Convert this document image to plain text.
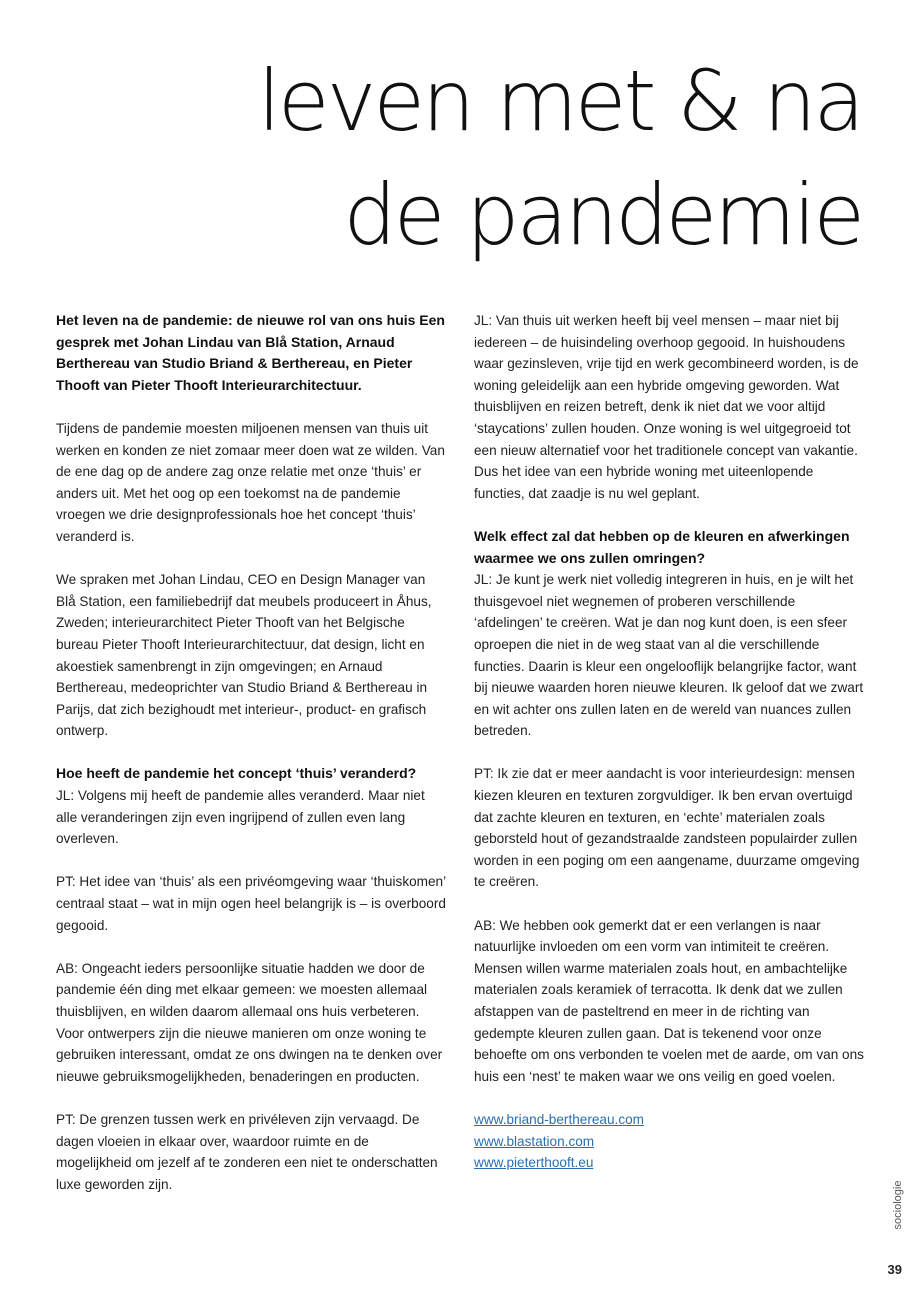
leven met & na
de pandemie

Het leven na de pandemie: de nieuwe rol van ons huis Een gesprek met Johan Lindau van Blå Station, Arnaud Berthereau van Studio Briand & Berthereau, en Pieter Thooft van Pieter Thooft Interieurarchitectuur.

Tijdens de pandemie moesten miljoenen mensen van thuis uit werken en konden ze niet zomaar meer doen wat ze wilden. Van de ene dag op de andere zag onze relatie met onze ‘thuis’ er anders uit. Met het oog op een toekomst na de pandemie vroegen we drie designprofessionals hoe het concept ‘thuis’ veranderd is.

We spraken met Johan Lindau, CEO en Design Manager van Blå Station, een familiebedrijf dat meubels produceert in Åhus, Zweden; interieurarchitect Pieter Thooft van het Belgische bureau Pieter Thooft Interieurarchitectuur, dat design, licht en akoestiek samenbrengt in zijn omgevingen; en Arnaud Berthereau, medeoprichter van Studio Briand & Berthereau in Parijs, dat zich bezighoudt met interieur-, product- en grafisch ontwerp.

Hoe heeft de pandemie het concept ‘thuis’ veranderd?
JL: Volgens mij heeft de pandemie alles veranderd. Maar niet alle veranderingen zijn even ingrijpend of zullen even lang overleven.

PT: Het idee van ‘thuis’ als een privéomgeving waar ‘thuiskomen’ centraal staat – wat in mijn ogen heel belangrijk is – is overboord gegooid.

AB: Ongeacht ieders persoonlijke situatie hadden we door de pandemie één ding met elkaar gemeen: we moesten allemaal thuisblijven, en wilden daarom allemaal ons huis verbeteren. Voor ontwerpers zijn die nieuwe manieren om onze woning te gebruiken interessant, omdat ze ons dwingen na te denken over nieuwe gebruiksmogelijkheden, benaderingen en producten.

PT: De grenzen tussen werk en privéleven zijn vervaagd. De dagen vloeien in elkaar over, waardoor ruimte en de mogelijkheid om jezelf af te zonderen een niet te onderschatten luxe geworden zijn.

JL: Van thuis uit werken heeft bij veel mensen – maar niet bij iedereen – de huisindeling overhoop gegooid. In huishoudens waar gezinsleven, vrije tijd en werk gecombineerd worden, is de woning geleidelijk aan een hybride omgeving geworden. Wat thuisblijven en reizen betreft, denk ik niet dat we voor altijd ‘staycations’ zullen houden. Onze woning is wel uitgegroeid tot een nieuw alternatief voor het traditionele concept van vakantie. Dus het idee van een hybride woning met uiteenlopende functies, dat zaadje is nu wel geplant.

Welk effect zal dat hebben op de kleuren en afwerkingen waarmee we ons zullen omringen?
JL: Je kunt je werk niet volledig integreren in huis, en je wilt het thuisgevoel niet wegnemen of proberen verschillende ‘afdelingen’ te creëren. Wat je dan nog kunt doen, is een sfeer oproepen die niet in de weg staat van al die verschillende functies. Daarin is kleur een ongelooflijk belangrijke factor, want bij nieuwe waarden horen nieuwe kleuren. Ik geloof dat we zwart en wit achter ons zullen laten en de wereld van nuances zullen betreden.

PT: Ik zie dat er meer aandacht is voor interieurdesign: mensen kiezen kleuren en texturen zorgvuldiger. Ik ben ervan overtuigd dat zachte kleuren en texturen, en ‘echte’ materialen zoals geborsteld hout of gezandstraalde zandsteen populairder zullen worden in een poging om een aangename, duurzame omgeving te creëren.

AB: We hebben ook gemerkt dat er een verlangen is naar natuurlijke invloeden om een vorm van intimiteit te creëren. Mensen willen warme materialen zoals hout, en ambachtelijke materialen zoals keramiek of terracotta. Ik denk dat we zullen afstappen van de pasteltrend en meer in de richting van gedempte kleuren zullen gaan. Dat is tekenend voor onze behoefte om ons verbonden te voelen met de aarde, om van ons huis een ‘nest’ te maken waar we ons veilig en goed voelen.

www.briand-berthereau.com

www.blastation.com

www.pieterthooft.eu

sociologie
39
